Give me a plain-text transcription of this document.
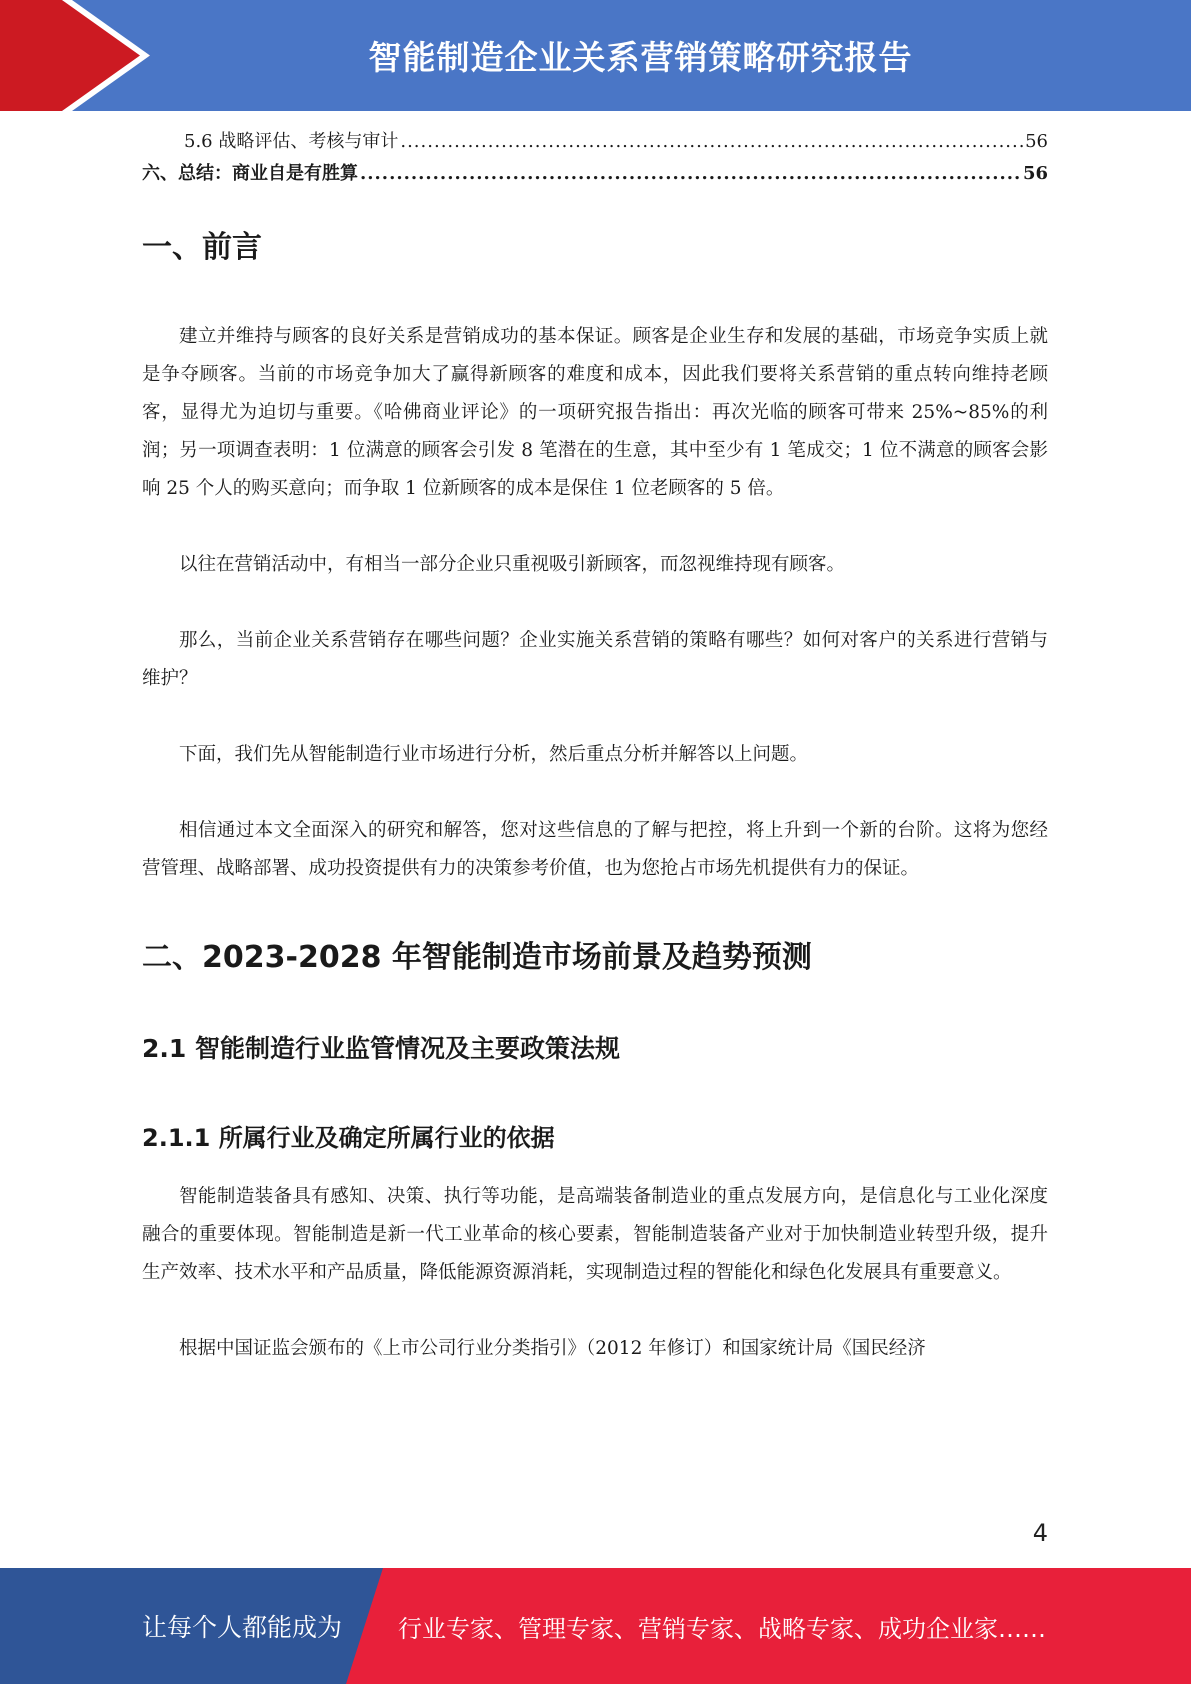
智能制造企业关系营销策略研究报告
5.6 战略评估、考核与审计 .....	56
六、总结：商业自是有胜算 .....	56
一、前言

建立并维持与顾客的良好关系是营销成功的基本保证。顾客是企业生存和发展的基础，市场竞争实质上就是争夺顾客。当前的市场竞争加大了赢得新顾客的难度和成本，因此我们要将关系营销的重点转向维持老顾客，显得尤为迫切与重要。《哈佛商业评论》的一项研究报告指出：再次光临的顾客可带来 25%~85%的利润；另一项调查表明：1 位满意的顾客会引发 8 笔潜在的生意，其中至少有 1 笔成交；1 位不满意的顾客会影响 25 个人的购买意向；而争取 1 位新顾客的成本是保住 1 位老顾客的 5 倍。

以往在营销活动中，有相当一部分企业只重视吸引新顾客，而忽视维持现有顾客。

那么，当前企业关系营销存在哪些问题？企业实施关系营销的策略有哪些？如何对客户的关系进行营销与维护？

下面，我们先从智能制造行业市场进行分析，然后重点分析并解答以上问题。

相信通过本文全面深入的研究和解答，您对这些信息的了解与把控，将上升到一个新的台阶。这将为您经营管理、战略部署、成功投资提供有力的决策参考价值，也为您抢占市场先机提供有力的保证。

二、2023-2028 年智能制造市场前景及趋势预测
2.1 智能制造行业监管情况及主要政策法规
2.1.1 所属行业及确定所属行业的依据

智能制造装备具有感知、决策、执行等功能，是高端装备制造业的重点发展方向，是信息化与工业化深度融合的重要体现。智能制造是新一代工业革命的核心要素，智能制造装备产业对于加快制造业转型升级，提升生产效率、技术水平和产品质量，降低能源资源消耗，实现制造过程的智能化和绿色化发展具有重要意义。

根据中国证监会颁布的《上市公司行业分类指引》（2012 年修订）和国家统计局《国民经济

4
让每个人都能成为 行业专家、管理专家、营销专家、战略专家、成功企业家……
